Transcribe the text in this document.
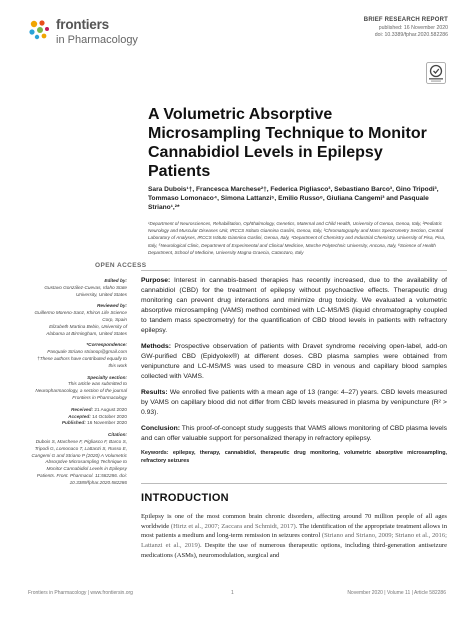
frontiers
in Pharmacology
BRIEF RESEARCH REPORT
published: 16 November 2020
doi: 10.3389/fphar.2020.582286
A Volumetric Absorptive Microsampling Technique to Monitor Cannabidiol Levels in Epilepsy Patients
Sara Dubois¹†, Francesca Marchese²†, Federica Pigliasco³, Sebastiano Barco³, Gino Tripodi³, Tommaso Lomonaco⁴, Simona Lattanzi⁵, Emilio Russo⁶, Giuliana Cangemi³ and Pasquale Striano¹,²*
¹Department of Neurosciences, Rehabilitation, Ophthalmology, Genetics, Maternal and Child Health, University of Genoa, Genoa, Italy, ²Pediatric Neurology and Muscular Diseases Unit, IRCCS Istituto Giannina Gaslini, Genoa, Italy, ³Chromatography and Mass Spectrometry Section, Central Laboratory of Analyses, IRCCS Istituto Giannina Gaslini, Genoa, Italy, ⁴Department of Chemistry and Industrial Chemistry, University of Pisa, Pisa, Italy, ⁵Neurological Clinic, Department of Experimental and Clinical Medicine, Marche Polytechnic University, Ancona, Italy, ⁶Science of Health Department, School of Medicine, University Magna Graecia, Catanzaro, Italy
OPEN ACCESS
Edited by:
Gustavo González-Cuevas, Idaho State University, United States
Reviewed by:
Guillermo Moreno-Sanz, Khiron Life Science Corp, Spain
Elizabeth Martina Bebin, University of Alabama at Birmingham, United States
*Correspondence:
Pasquale Striano strianop@gmail.com
†These authors have contributed equally to this work
Specialty section:
This article was submitted to Neuropharmacology, a section of the journal Frontiers in Pharmacology
Received: 21 August 2020
Accepted: 14 October 2020
Published: 16 November 2020
Citation:
Dubois S, Marchese F, Pigliasco F, Barco S, Tripodi G, Lomonaco T, Lattanzi S, Russo E, Cangemi G and Striano P (2020) A Volumetric Absorptive Microsampling Technique to Monitor Cannabidiol Levels in Epilepsy Patients. Front. Pharmacol. 11:582286. doi: 10.3389/fphar.2020.582286

Purpose: Interest in cannabis-based therapies has recently increased, due to the availability of cannabidiol (CBD) for the treatment of epilepsy without psychoactive effects. Therapeutic drug monitoring can prevent drug interactions and minimize drug toxicity. We evaluated a volumetric absorptive microsampling (VAMS) method combined with LC-MS/MS (liquid chromatography coupled to tandem mass spectrometry) for the quantification of CBD blood levels in patients with refractory epilepsy.

Methods: Prospective observation of patients with Dravet syndrome receiving open-label, add-on GW-purified CBD (Epidyolex®) at different doses. CBD plasma samples were obtained from venipuncture and LC-MS/MS was used to measure CBD in venous and capillary blood samples collected with VAMS.

Results: We enrolled five patients with a mean age of 13 (range: 4–27) years. CBD levels measured by VAMS on capillary blood did not differ from CBD levels measured in plasma by venipuncture (R² > 0.93).

Conclusion: This proof-of-concept study suggests that VAMS allows monitoring of CBD plasma levels and can offer valuable support for personalized therapy in refractory epilepsy.

Keywords: epilepsy, therapy, cannabidiol, therapeutic drug monitoring, volumetric absorptive microsampling, refractory seizures

INTRODUCTION
Epilepsy is one of the most common brain chronic disorders, affecting around 70 million people of all ages worldwide (Hirtz et al., 2007; Zaccara and Schmidt, 2017). The identification of the appropriate treatment allows in most patients a medium and long-term remission in seizures control (Striano and Striano, 2009; Striano et al., 2016; Lattanzi et al., 2019). Despite the use of numerous therapeutic options, including third-generation antiseizure medications (ASMs), neuromodulation, surgical and
Frontiers in Pharmacology | www.frontiersin.org	1	November 2020 | Volume 11 | Article 582286
